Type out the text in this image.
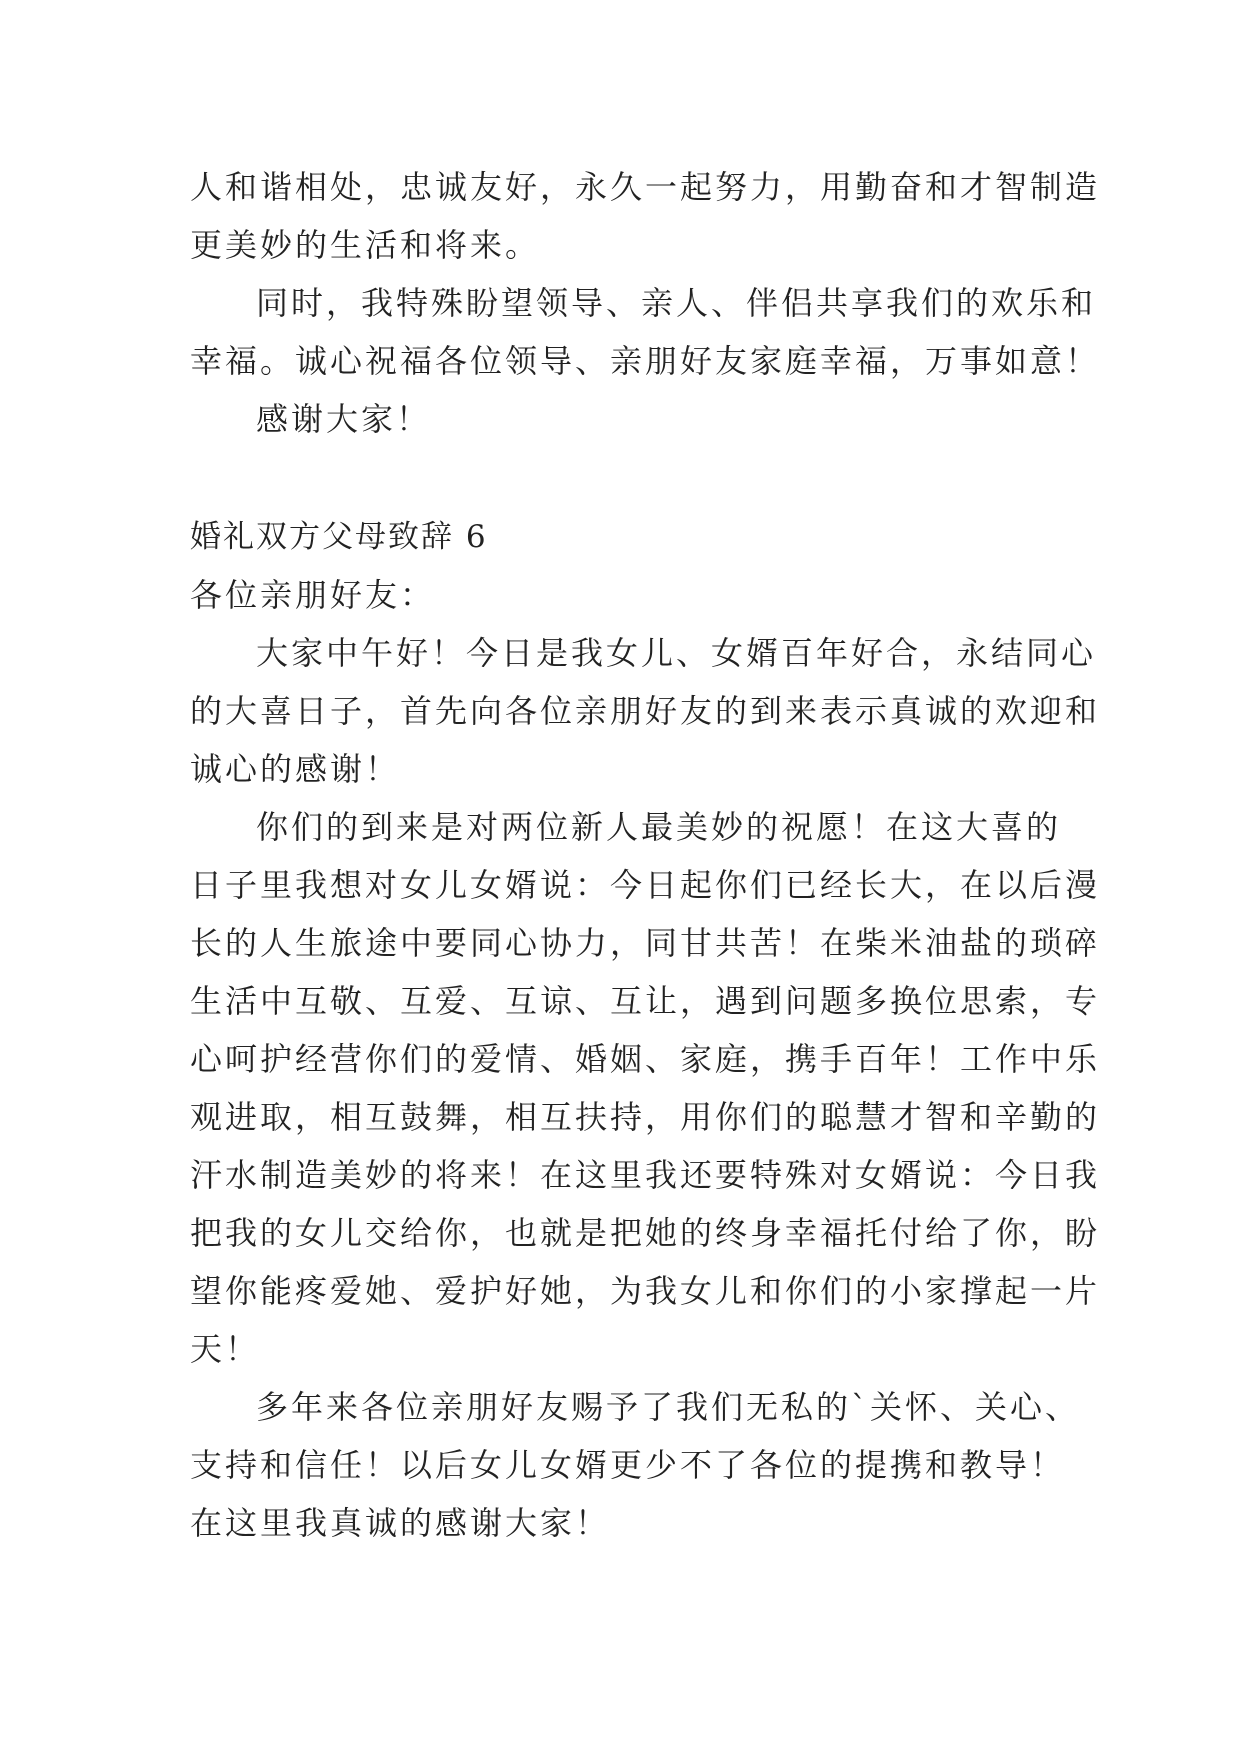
人和谐相处，忠诚友好，永久一起努力，用勤奋和才智制造
更美妙的生活和将来。
同时，我特殊盼望领导、亲人、伴侣共享我们的欢乐和
幸福。诚心祝福各位领导、亲朋好友家庭幸福，万事如意！
感谢大家！
婚礼双方父母致辞 6
各位亲朋好友：
大家中午好！今日是我女儿、女婿百年好合，永结同心
的大喜日子，首先向各位亲朋好友的到来表示真诚的欢迎和
诚心的感谢！
你们的到来是对两位新人最美妙的祝愿！在这大喜的
日子里我想对女儿女婿说：今日起你们已经长大，在以后漫
长的人生旅途中要同心协力，同甘共苦！在柴米油盐的琐碎
生活中互敬、互爱、互谅、互让，遇到问题多换位思索，专
心呵护经营你们的爱情、婚姻、家庭，携手百年！工作中乐
观进取，相互鼓舞，相互扶持，用你们的聪慧才智和辛勤的
汗水制造美妙的将来！在这里我还要特殊对女婿说：今日我
把我的女儿交给你，也就是把她的终身幸福托付给了你，盼
望你能疼爱她、爱护好她，为我女儿和你们的小家撑起一片
天！
多年来各位亲朋好友赐予了我们无私的`关怀、关心、
支持和信任！以后女儿女婿更少不了各位的提携和教导！
在这里我真诚的感谢大家！
